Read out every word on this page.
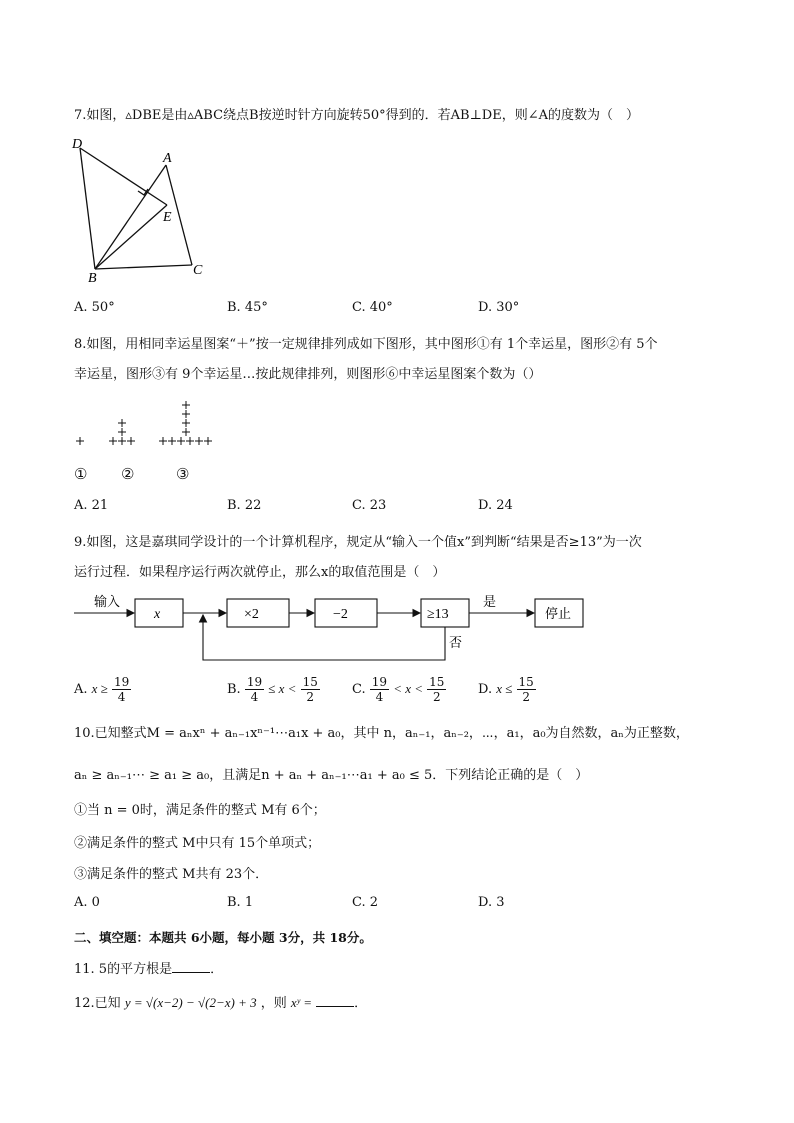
7.如图，▵DBE是由▵ABC绕点B按逆时针方向旋转50°得到的．若AB⊥DE，则∠A的度数为（　）
D
A
E
B
C
A. 50°	B. 45°	C. 40°	D. 30°
8.如图，用相同幸运星图案“＋”按一定规律排列成如下图形，其中图形①有 1个幸运星，图形②有 5个
幸运星，图形③有 9个幸运星…按此规律排列，则图形⑥中幸运星图案个数为（）
① ②	③
A. 21	B. 22	C. 23	D. 24
9.如图，这是嘉琪同学设计的一个计算机程序，规定从“输入一个值x”到判断“结果是否≥13”为一次
运行过程．如果程序运行两次就停止，那么x的取值范围是（　）
输入
x	×2	−2	≥13
是
否
停止
A. $x \ge \frac{19}{4}$	B. $\frac{19}{4} \le x < \frac{15}{2} C$. $\frac{19}{4} < x < \frac{15}{2} D$. $x \le \frac{15}{2}$
10.已知整式M = aₙxⁿ + aₙ₋₁xⁿ⁻¹⋯a₁x + a₀，其中 n，aₙ₋₁，aₙ₋₂，⋯，a₁，a₀为自然数，aₙ为正整数，
aₙ ≥ aₙ₋₁⋯ ≥ a₁ ≥ a₀，且满足n + aₙ + aₙ₋₁⋯a₁ + a₀ ≤ 5．下列结论正确的是（　）
①当 n = 0时，满足条件的整式 M有 6个；
②满足条件的整式 M中只有 15个单项式；
③满足条件的整式 M共有 23个．
A. 0	B. 1	C. 2	D. 3
二、填空题：本题共 6小题，每小题 3分，共 18分。
11. 5的平方根是	．
12.已知 y = √(x−2) − √(2−x) + 3 ，则 xʸ =	．
